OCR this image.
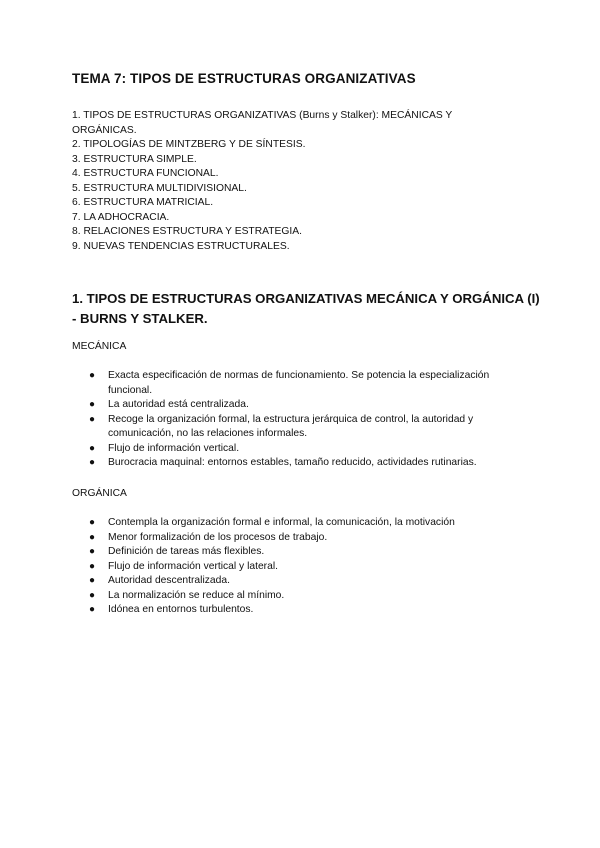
TEMA 7: TIPOS DE ESTRUCTURAS ORGANIZATIVAS
1. TIPOS DE ESTRUCTURAS ORGANIZATIVAS (Burns y Stalker): MECÁNICAS Y ORGÁNICAS.
2. TIPOLOGÍAS DE MINTZBERG Y DE SÍNTESIS.
3. ESTRUCTURA SIMPLE.
4. ESTRUCTURA FUNCIONAL.
5. ESTRUCTURA MULTIDIVISIONAL.
6. ESTRUCTURA MATRICIAL.
7. LA ADHOCRACIA.
8. RELACIONES ESTRUCTURA Y ESTRATEGIA.
9. NUEVAS TENDENCIAS ESTRUCTURALES.
1. TIPOS DE ESTRUCTURAS ORGANIZATIVAS MECÁNICA Y ORGÁNICA (I) - BURNS Y STALKER.

MECÁNICA

● Exacta especificación de normas de funcionamiento. Se potencia la especialización funcional.
● La autoridad está centralizada.
● Recoge la organización formal, la estructura jerárquica de control, la autoridad y comunicación, no las relaciones informales.
● Flujo de información vertical.
● Burocracia maquinal: entornos estables, tamaño reducido, actividades rutinarias.

ORGÁNICA

● Contempla la organización formal e informal, la comunicación, la motivación
● Menor formalización de los procesos de trabajo.
● Definición de tareas más flexibles.
● Flujo de información vertical y lateral.
● Autoridad descentralizada.
● La normalización se reduce al mínimo.
● Idónea en entornos turbulentos.
